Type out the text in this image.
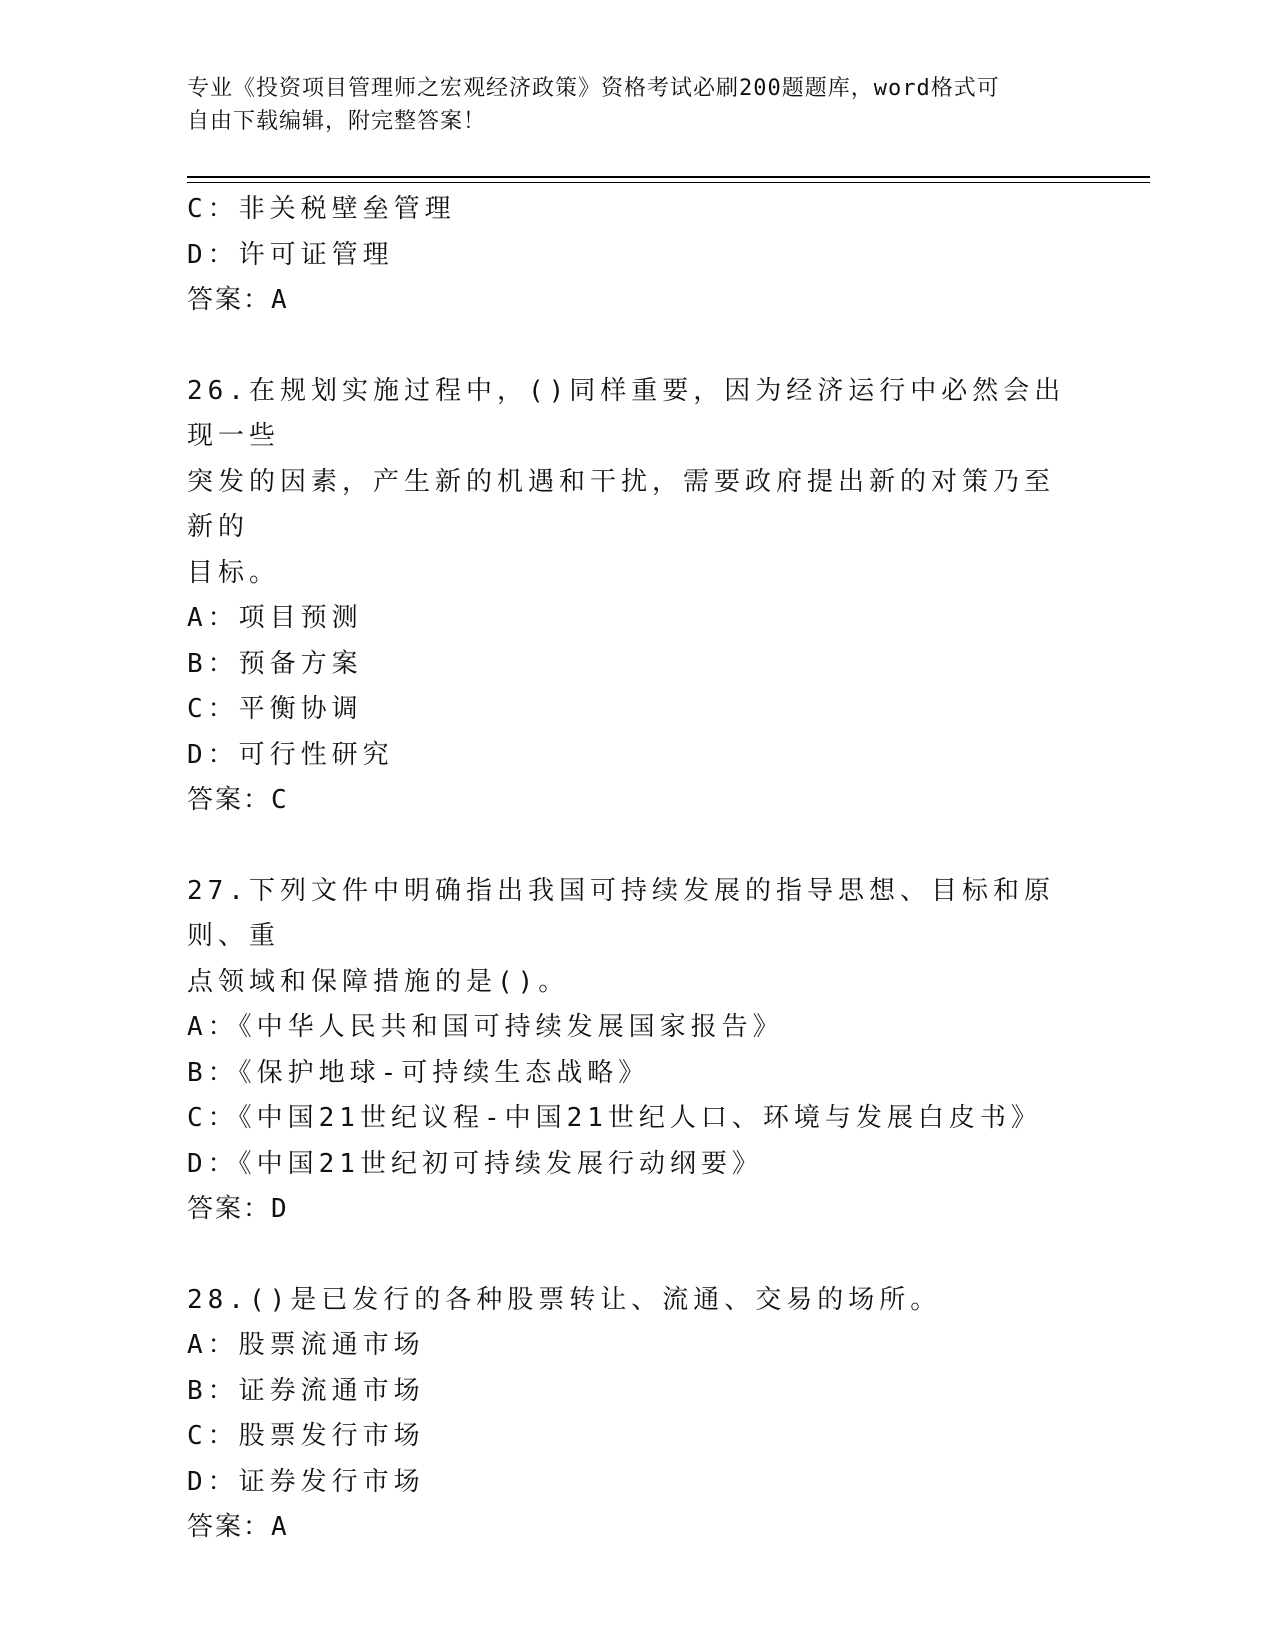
专业《投资项目管理师之宏观经济政策》资格考试必刷200题题库，word格式可
自由下载编辑，附完整答案！
C：非关税壁垒管理
D：许可证管理
答案：A
26.在规划实施过程中，()同样重要，因为经济运行中必然会出现一些
突发的因素，产生新的机遇和干扰，需要政府提出新的对策乃至新的
目标。
A：项目预测
B：预备方案
C：平衡协调
D：可行性研究
答案：C
27.下列文件中明确指出我国可持续发展的指导思想、目标和原则、重
点领域和保障措施的是()。
A：《中华人民共和国可持续发展国家报告》
B：《保护地球-可持续生态战略》
C：《中国21世纪议程-中国21世纪人口、环境与发展白皮书》
D：《中国21世纪初可持续发展行动纲要》
答案：D
28.()是已发行的各种股票转让、流通、交易的场所。
A：股票流通市场
B：证券流通市场
C：股票发行市场
D：证券发行市场
答案：A
